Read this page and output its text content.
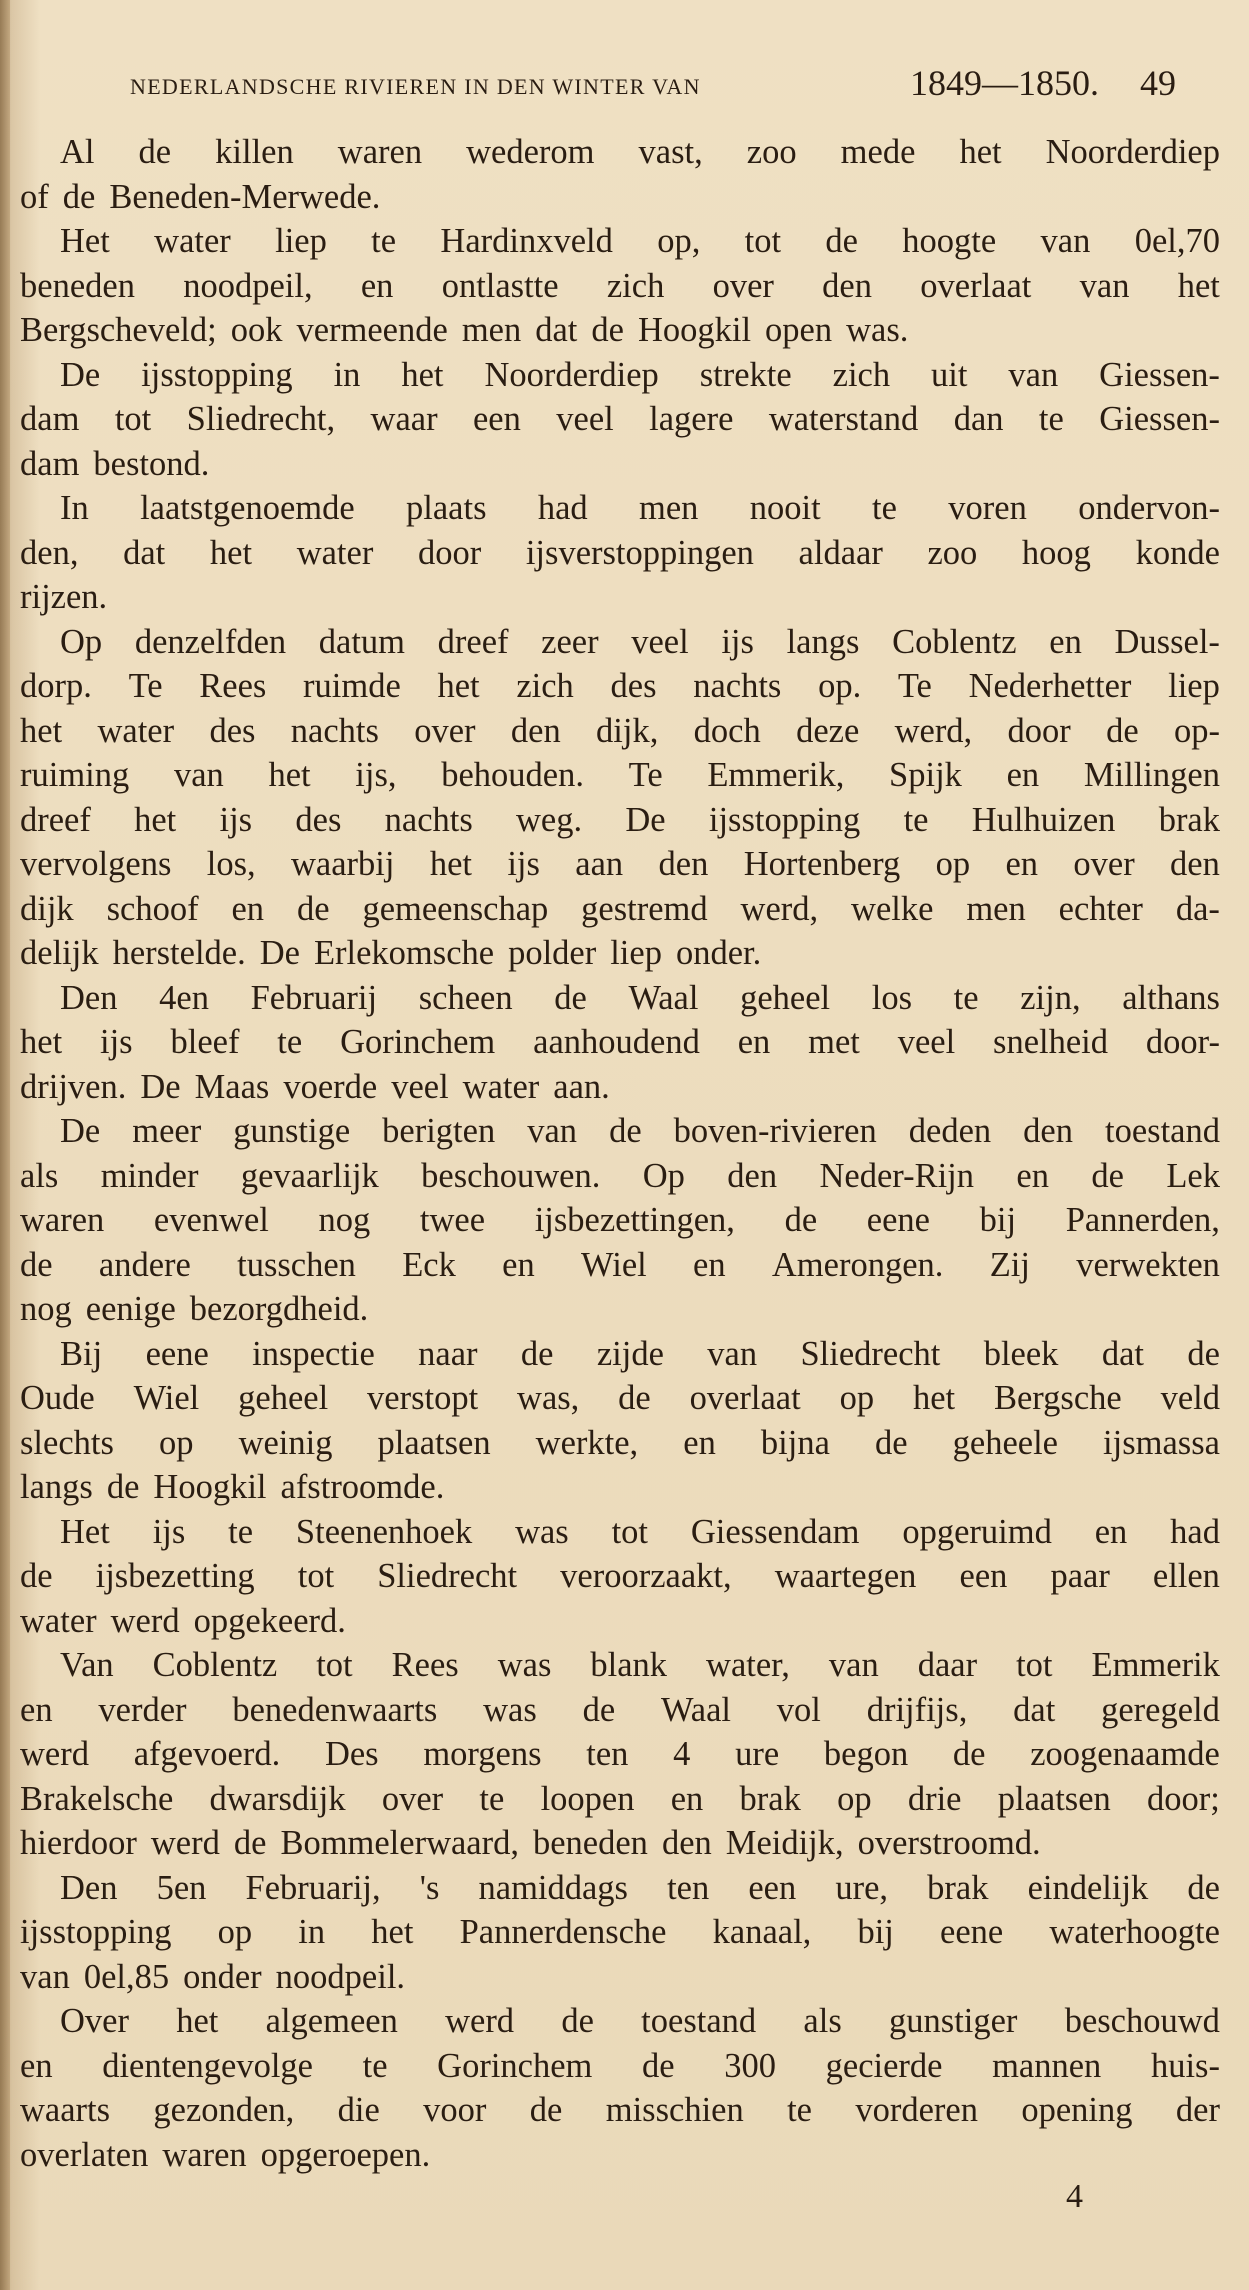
NEDERLANDSCHE RIVIEREN IN DEN WINTER VAN	1849—1850. 49
Al de killen waren wederom vast, zoo mede het Noorderdiep
of de Beneden-Merwede.
Het water liep te Hardinxveld op, tot de hoogte van 0el,70
beneden noodpeil, en ontlastte zich over den overlaat van het
Bergscheveld; ook vermeende men dat de Hoogkil open was.
De ijsstopping in het Noorderdiep strekte zich uit van Giessen-
dam tot Sliedrecht, waar een veel lagere waterstand dan te Giessen-
dam bestond.
In laatstgenoemde plaats had men nooit te voren ondervon-
den, dat het water door ijsverstoppingen aldaar zoo hoog konde
rijzen.
Op denzelfden datum dreef zeer veel ijs langs Coblentz en Dussel-
dorp. Te Rees ruimde het zich des nachts op. Te Nederhetter liep
het water des nachts over den dijk, doch deze werd, door de op-
ruiming van het ijs, behouden. Te Emmerik, Spijk en Millingen
dreef het ijs des nachts weg. De ijsstopping te Hulhuizen brak
vervolgens los, waarbij het ijs aan den Hortenberg op en over den
dijk schoof en de gemeenschap gestremd werd, welke men echter da-
delijk herstelde. De Erlekomsche polder liep onder.
Den 4en Februarij scheen de Waal geheel los te zijn, althans
het ijs bleef te Gorinchem aanhoudend en met veel snelheid door-
drijven. De Maas voerde veel water aan.
De meer gunstige berigten van de boven-rivieren deden den toestand
als minder gevaarlijk beschouwen. Op den Neder-Rijn en de Lek
waren evenwel nog twee ijsbezettingen, de eene bij Pannerden,
de andere tusschen Eck en Wiel en Amerongen. Zij verwekten
nog eenige bezorgdheid.
Bij eene inspectie naar de zijde van Sliedrecht bleek dat de
Oude Wiel geheel verstopt was, de overlaat op het Bergsche veld
slechts op weinig plaatsen werkte, en bijna de geheele ijsmassa
langs de Hoogkil afstroomde.
Het ijs te Steenenhoek was tot Giessendam opgeruimd en had
de ijsbezetting tot Sliedrecht veroorzaakt, waartegen een paar ellen
water werd opgekeerd.
Van Coblentz tot Rees was blank water, van daar tot Emmerik
en verder benedenwaarts was de Waal vol drijfijs, dat geregeld
werd afgevoerd. Des morgens ten 4 ure begon de zoogenaamde
Brakelsche dwarsdijk over te loopen en brak op drie plaatsen door;
hierdoor werd de Bommelerwaard, beneden den Meidijk, overstroomd.
Den 5en Februarij, 's namiddags ten een ure, brak eindelijk de
ijsstopping op in het Pannerdensche kanaal, bij eene waterhoogte
van 0el,85 onder noodpeil.
Over het algemeen werd de toestand als gunstiger beschouwd
en dientengevolge te Gorinchem de 300 gecierde mannen huis-
waarts gezonden, die voor de misschien te vorderen opening der
overlaten waren opgeroepen.
4
